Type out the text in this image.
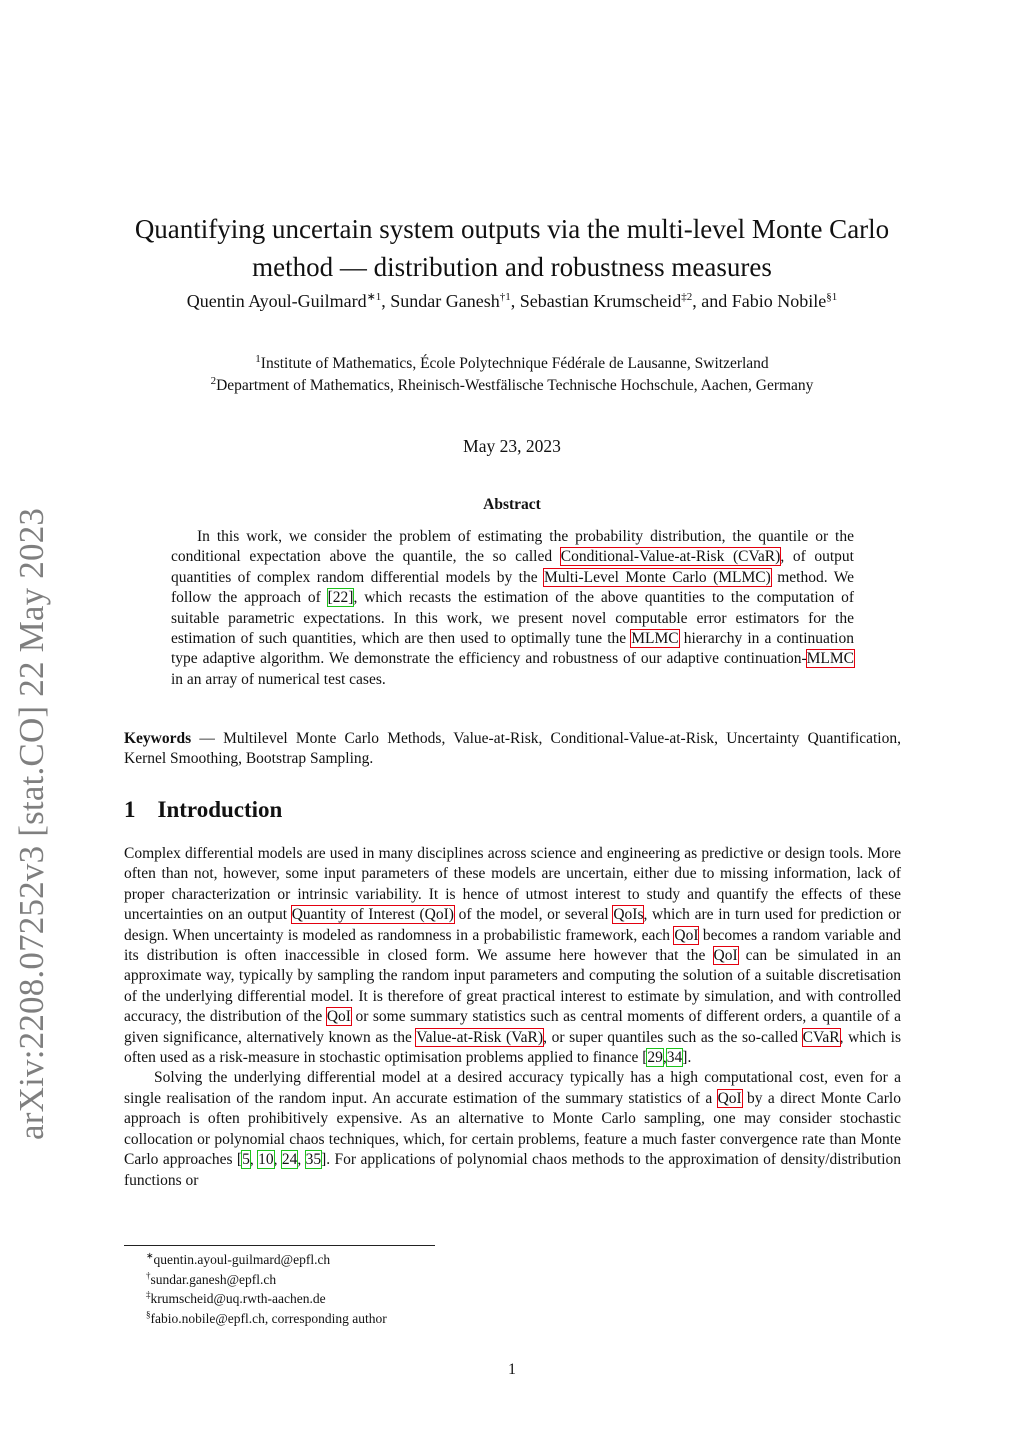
arXiv:2208.07252v3 [stat.CO] 22 May 2023
Quantifying uncertain system outputs via the multi-level Monte Carlo method — distribution and robustness measures
Quentin Ayoul-Guilmard$^{∗1}$, Sundar Ganesh$^{\dagger 1}$, Sebastian Krumscheid$^{\ddagger 2}$, and Fabio Nobile$^{\S 1}$
$^1$Institute of Mathematics, École Polytechnique Fédérale de Lausanne, Switzerland
$^2$Department of Mathematics, Rheinisch-Westfälische Technische Hochschule, Aachen, Germany
May 23, 2023
Abstract
In this work, we consider the problem of estimating the probability distribution, the quantile or the conditional expectation above the quantile, the so called Conditional-Value-at-Risk (CVaR), of output quantities of complex random differential models by the Multi-Level Monte Carlo (MLMC) method. We follow the approach of [22], which recasts the estimation of the above quantities to the computation of suitable parametric expectations. In this work, we present novel computable error estimators for the estimation of such quantities, which are then used to optimally tune the MLMC hierarchy in a continuation type adaptive algorithm. We demonstrate the efficiency and robustness of our adaptive continuation-MLMC in an array of numerical test cases.
Keywords — Multilevel Monte Carlo Methods, Value-at-Risk, Conditional-Value-at-Risk, Uncertainty Quantification, Kernel Smoothing, Bootstrap Sampling.
1 Introduction

Complex differential models are used in many disciplines across science and engineering as predictive or design tools. More often than not, however, some input parameters of these models are uncertain, either due to missing information, lack of proper characterization or intrinsic variability. It is hence of utmost interest to study and quantify the effects of these uncertainties on an output Quantity of Interest (QoI) of the model, or several QoIs, which are in turn used for prediction or design. When uncertainty is modeled as randomness in a probabilistic framework, each QoI becomes a random variable and its distribution is often inaccessible in closed form. We assume here however that the QoI can be simulated in an approximate way, typically by sampling the random input parameters and computing the solution of a suitable discretisation of the underlying differential model. It is therefore of great practical interest to estimate by simulation, and with controlled accuracy, the distribution of the QoI or some summary statistics such as central moments of different orders, a quantile of a given significance, alternatively known as the Value-at-Risk (VaR), or super quantiles such as the so-called CVaR, which is often used as a risk-measure in stochastic optimisation problems applied to finance [29,34].

Solving the underlying differential model at a desired accuracy typically has a high computational cost, even for a single realisation of the random input. An accurate estimation of the summary statistics of a QoI by a direct Monte Carlo approach is often prohibitively expensive. As an alternative to Monte Carlo sampling, one may consider stochastic collocation or polynomial chaos techniques, which, for certain problems, feature a much faster convergence rate than Monte Carlo approaches [5, 10, 24, 35]. For applications of polynomial chaos methods to the approximation of density/distribution functions or

∗quentin.ayoul-guilmard@epfl.ch
†sundar.ganesh@epfl.ch
‡krumscheid@uq.rwth-aachen.de
§fabio.nobile@epfl.ch, corresponding author
1
